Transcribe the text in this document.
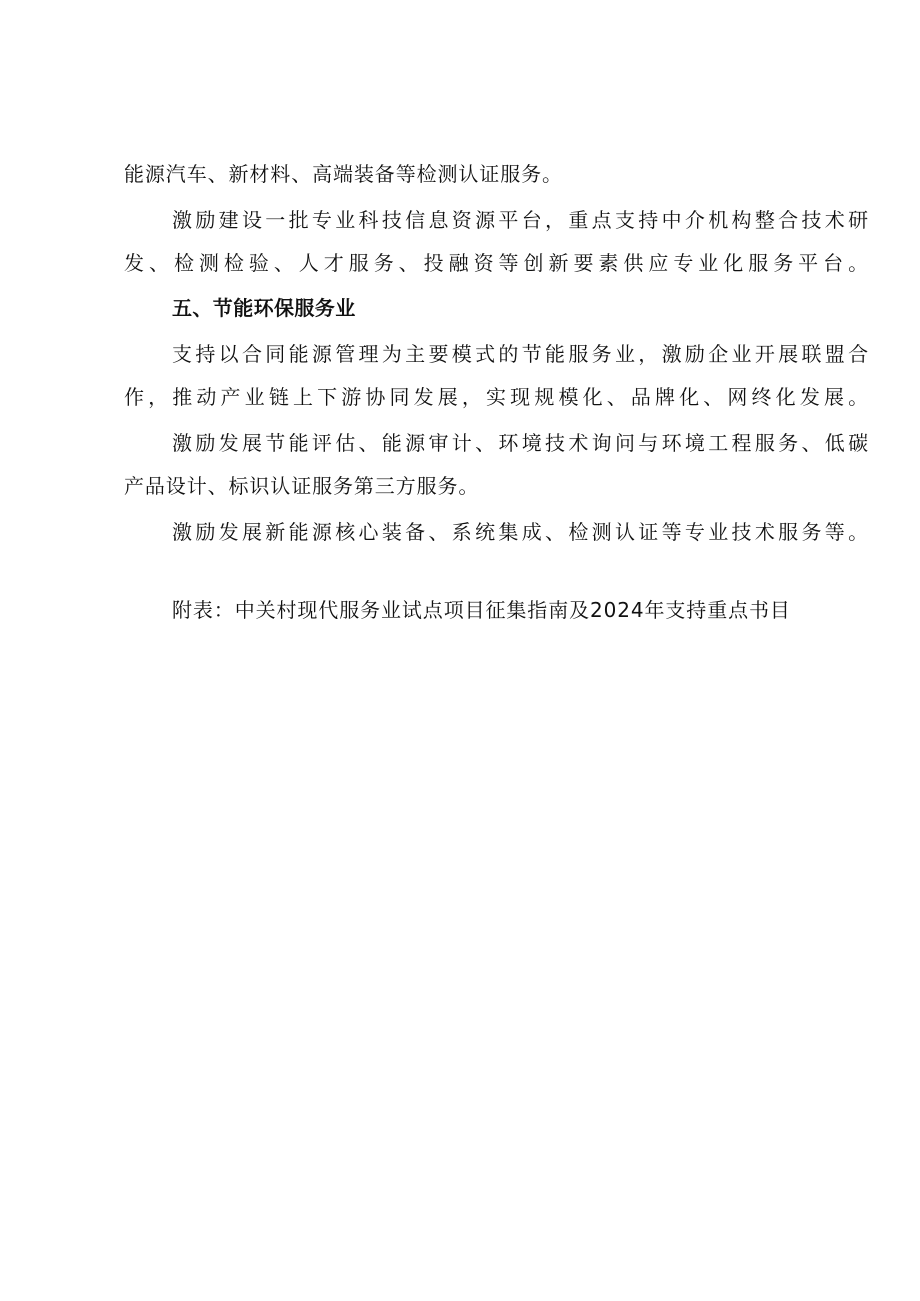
能源汽车、新材料、高端装备等检测认证服务。
激励建设一批专业科技信息资源平台，重点支持中介机构整合技术研
发、检测检验、人才服务、投融资等创新要素供应专业化服务平台。
五、节能环保服务业
支持以合同能源管理为主要模式的节能服务业，激励企业开展联盟合
作，推动产业链上下游协同发展，实现规模化、品牌化、网终化发展。
激励发展节能评估、能源审计、环境技术询问与环境工程服务、低碳
产品设计、标识认证服务第三方服务。
激励发展新能源核心装备、系统集成、检测认证等专业技术服务等。
附表：中关村现代服务业试点项目征集指南及2024年支持重点书目
